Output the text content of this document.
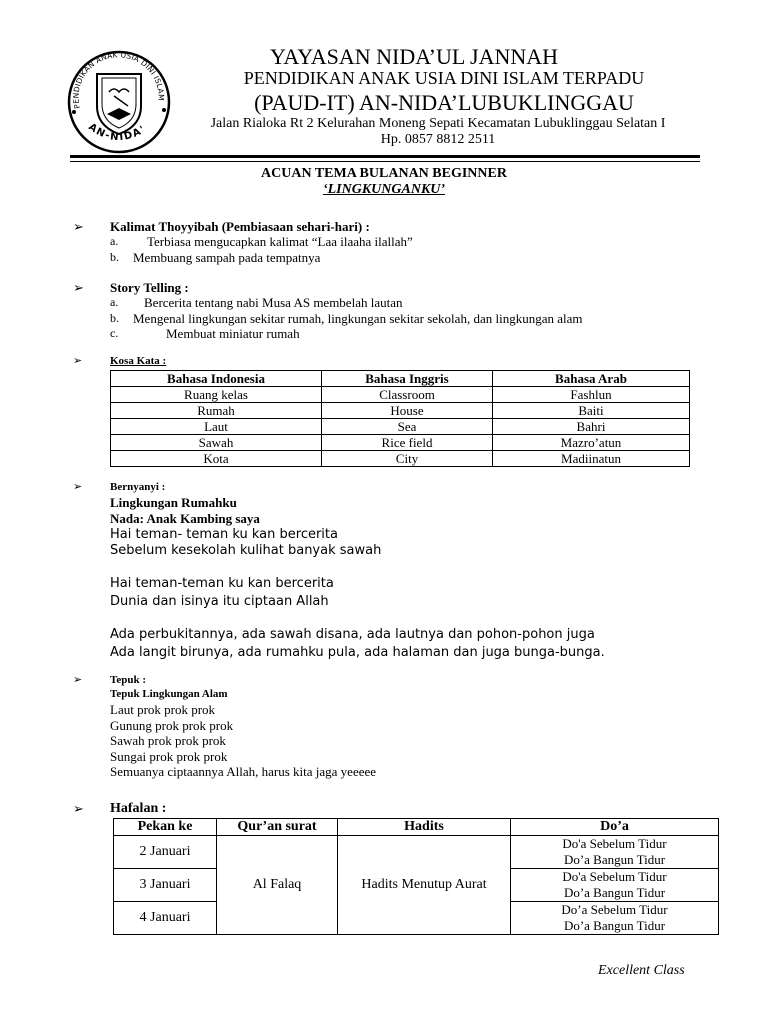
PENDIDIKAN ANAK USIA DINI ISLAM
AN-NIDA'
YAYASAN NIDA’UL JANNAH
PENDIDIKAN ANAK USIA DINI ISLAM TERPADU
(PAUD-IT) AN-NIDA’LUBUKLINGGAU
Jalan Rialoka Rt 2 Kelurahan Moneng Sepati Kecamatan Lubuklinggau Selatan I
Hp. 0857 8812 2511
ACUAN TEMA BULANAN BEGINNER
‘LINGKUNGANKU’
➢ Kalimat Thoyyibah (Pembiasaan sehari-hari) :
a. Terbiasa mengucapkan kalimat “Laa ilaaha ilallah”
b. Membuang sampah pada tempatnya
➢ Story Telling :
a. Bercerita tentang nabi Musa AS membelah lautan
b. Mengenal lingkungan sekitar rumah, lingkungan sekitar sekolah, dan lingkungan alam
c.	Membuat miniatur rumah
➢	Kosa Kata :
Bahasa Indonesia	Bahasa Inggris	Bahasa Arab
Ruang kelas	Classroom	Fashlun
Rumah	House	Baiti
Laut	Sea	Bahri
Sawah	Rice field	Mazro’atun
Kota	City	Madiinatun
➢	Bernyanyi :
Lingkungan Rumahku
Nada: Anak Kambing saya
Hai teman- teman ku kan bercerita
Sebelum kesekolah kulihat banyak sawah
Hai teman-teman ku kan bercerita
Dunia dan isinya itu ciptaan Allah
Ada perbukitannya, ada sawah disana, ada lautnya dan pohon-pohon juga
Ada langit birunya, ada rumahku pula, ada halaman dan juga bunga-bunga.
➢	Tepuk :
Tepuk Lingkungan Alam
Laut prok prok prok
Gunung prok prok prok
Sawah prok prok prok
Sungai prok prok prok
Semuanya ciptaannya Allah, harus kita jaga yeeeee
➢ Hafalan :
Pekan ke	Qur’an surat	Hadits	Do’a
2 Januari	Al Falaq	Hadits Menutup Aurat	Do'a Sebelum Tidur
Do’a Bangun Tidur

3 Januari			Do'a Sebelum Tidur
Do’a Bangun Tidur

4 Januari			Do’a Sebelum Tidur
Do’a Bangun Tidur
Excellent Class
